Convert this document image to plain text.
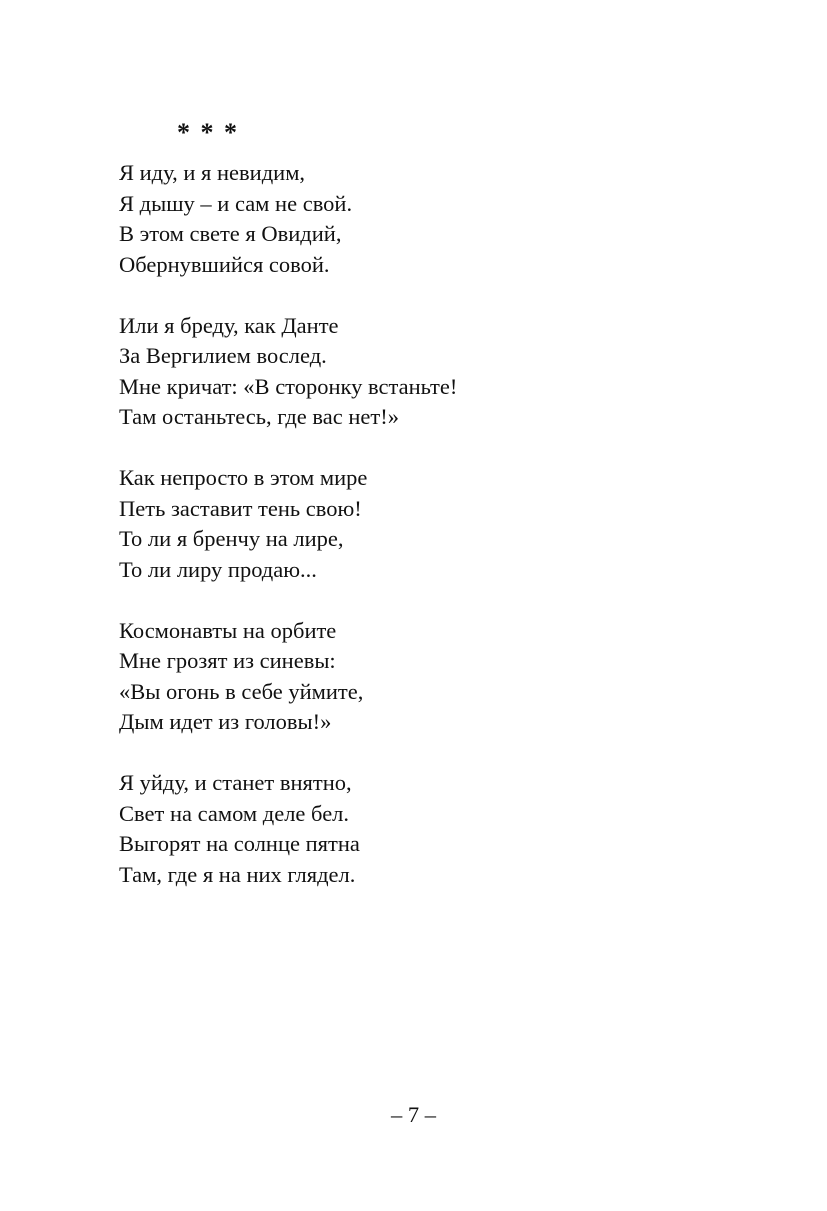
* * *
Я иду, и я невидим,
Я дышу – и сам не свой.
В этом свете я Овидий,
Обернувшийся совой.
Или я бреду, как Данте
За Вергилием вослед.
Мне кричат: «В сторонку встаньте!
Там останьтесь, где вас нет!»
Как непросто в этом мире
Петь заставит тень свою!
То ли я бренчу на лире,
То ли лиру продаю...
Космонавты на орбите
Мне грозят из синевы:
«Вы огонь в себе уймите,
Дым идет из головы!»
Я уйду, и станет внятно,
Свет на самом деле бел.
Выгорят на солнце пятна
Там, где я на них глядел.
– 7 –
